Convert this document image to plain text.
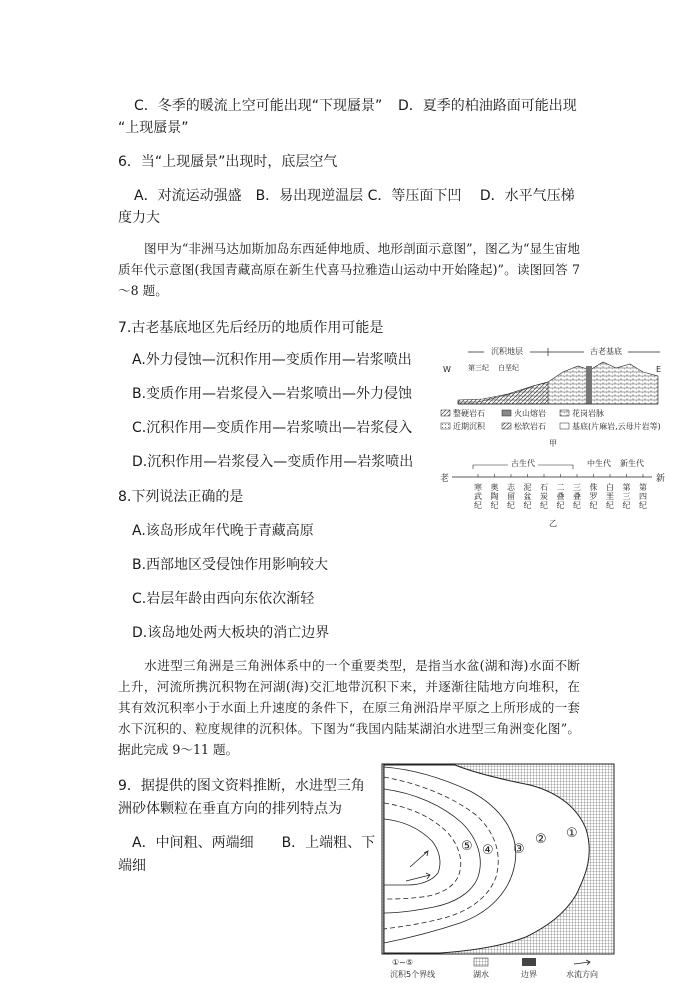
C．冬季的暖流上空可能出现“下现蜃景” D．夏季的柏油路面可能出现
“上现蜃景”
6．当“上现蜃景”出现时，底层空气
A．对流运动强盛　B．易出现逆温层 C．等压面下凹　 D．水平气压梯
度力大
图甲为“非洲马达加斯加岛东西延伸地质、地形剖面示意图”，图乙为“显生宙地质年代示意图(我国青藏高原在新生代喜马拉雅造山运动中开始隆起)”。读图回答 7～8 题。
7.古老基底地区先后经历的地质作用可能是
A.外力侵蚀—沉积作用—变质作用—岩浆喷出
B.变质作用—岩浆侵入—岩浆喷出—外力侵蚀
C.沉积作用—变质作用—岩浆喷出—岩浆侵入
D.沉积作用—岩浆侵入—变质作用—岩浆喷出
8.下列说法正确的是
A.该岛形成年代晚于青藏高原
B.西部地区受侵蚀作用影响较大
C.岩层年龄由西向东依次渐轻
D.该岛地处两大板块的消亡边界
水进型三角洲是三角洲体系中的一个重要类型，是指当水盆(湖和海)水面不断上升，河流所携沉积物在河湖(海)交汇地带沉积下来，并逐渐往陆地方向堆积，在其有效沉积率小于水面上升速度的条件下，在原三角洲沿岸平原之上所形成的一套水下沉积的、粒度规律的沉积体。下图为“我国内陆某湖泊水进型三角洲变化图”。据此完成 9～11 题。
9．据提供的图文资料推断，水进型三角
洲砂体颗粒在垂直方向的排列特点为
A．中间粗、两端细　　B．上端粗、下
端细
沉积地层	古老基底
W	E
第三纪 白垩纪
整硬岩石	火山熔岩	花岗岩脉
近期沉积	松软岩石	基底(片麻岩,云母片岩等)
甲
老	新
古生代	中生代 新生代
寒
武
纪
奥
陶
纪
志
留
纪
泥
盆
纪
石
炭
纪
二
叠
纪
三
叠
纪
侏
罗
纪
白
垩
纪
第
三
纪
第
四
纪
乙
①
②
③
④
⑤
①~⑤
沉积5个界线	湖水	边界	水流方向
